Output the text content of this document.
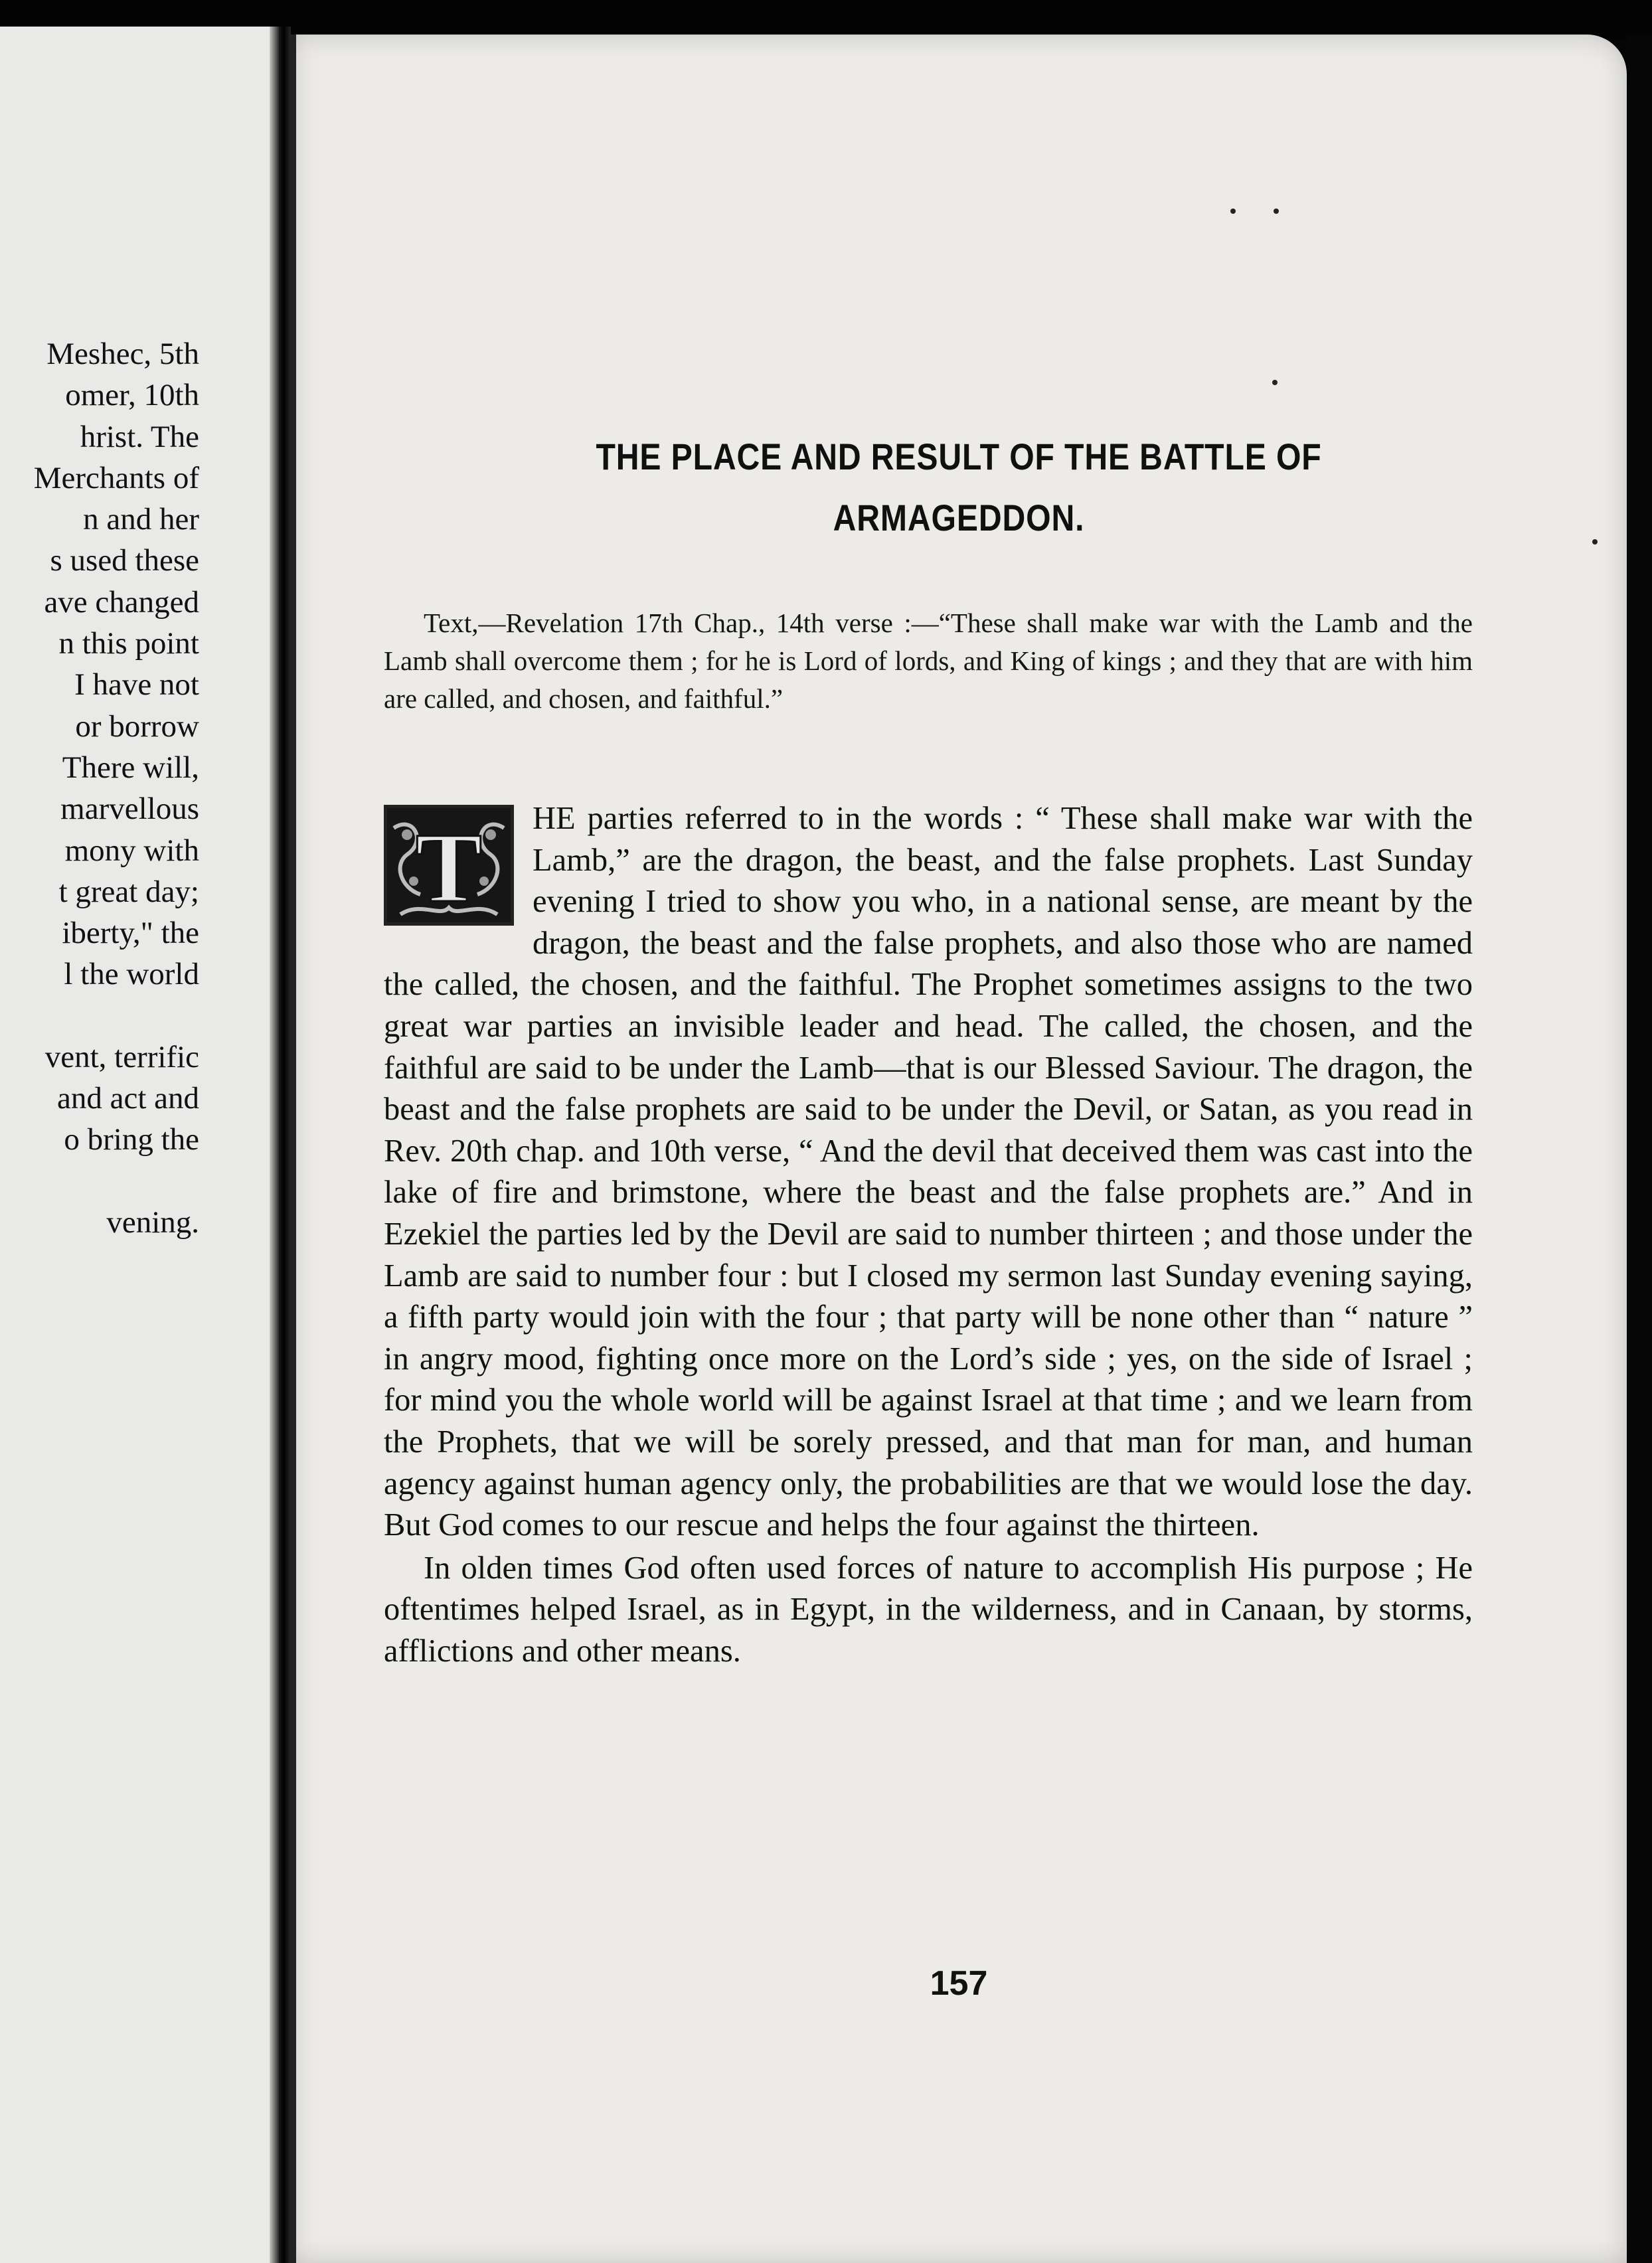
Meshec, 5th
omer, 10th
hrist. The
Merchants of
n and her
s used these
ave changed
n this point
I have not
or borrow
There will,
marvellous
mony with
t great day;
iberty," the
l the world
vent, terrific
and act and
o bring the
vening.
THE PLACE AND RESULT OF THE BATTLE OF
ARMAGEDDON.
Text,—Revelation 17th Chap., 14th verse :—“These shall make war with the Lamb and the Lamb shall overcome them ; for he is Lord of lords, and King of kings ; and they that are with him are called, and chosen, and faithful.”

T HE parties referred to in the words : “ These shall make war with the Lamb,” are the dragon, the beast, and the false prophets. Last Sunday evening I tried to show you who, in a national sense, are meant by the dragon, the beast and the false prophets, and also those who are named the called, the chosen, and the faithful. The Prophet sometimes assigns to the two great war parties an invisible leader and head. The called, the chosen, and the faithful are said to be under the Lamb—that is our Blessed Saviour. The dragon, the beast and the false prophets are said to be under the Devil, or Satan, as you read in Rev. 20th chap. and 10th verse, “ And the devil that deceived them was cast into the lake of fire and brimstone, where the beast and the false prophets are.” And in Ezekiel the parties led by the Devil are said to number thirteen ; and those under the Lamb are said to number four : but I closed my sermon last Sunday evening saying, a fifth party would join with the four ; that party will be none other than “ nature ” in angry mood, fighting once more on the Lord’s side ; yes, on the side of Israel ; for mind you the whole world will be against Israel at that time ; and we learn from the Prophets, that we will be sorely pressed, and that man for man, and human agency against human agency only, the probabilities are that we would lose the day. But God comes to our rescue and helps the four against the thirteen.

In olden times God often used forces of nature to accomplish His purpose ; He oftentimes helped Israel, as in Egypt, in the wilderness, and in Canaan, by storms, afflictions and other means.

157
